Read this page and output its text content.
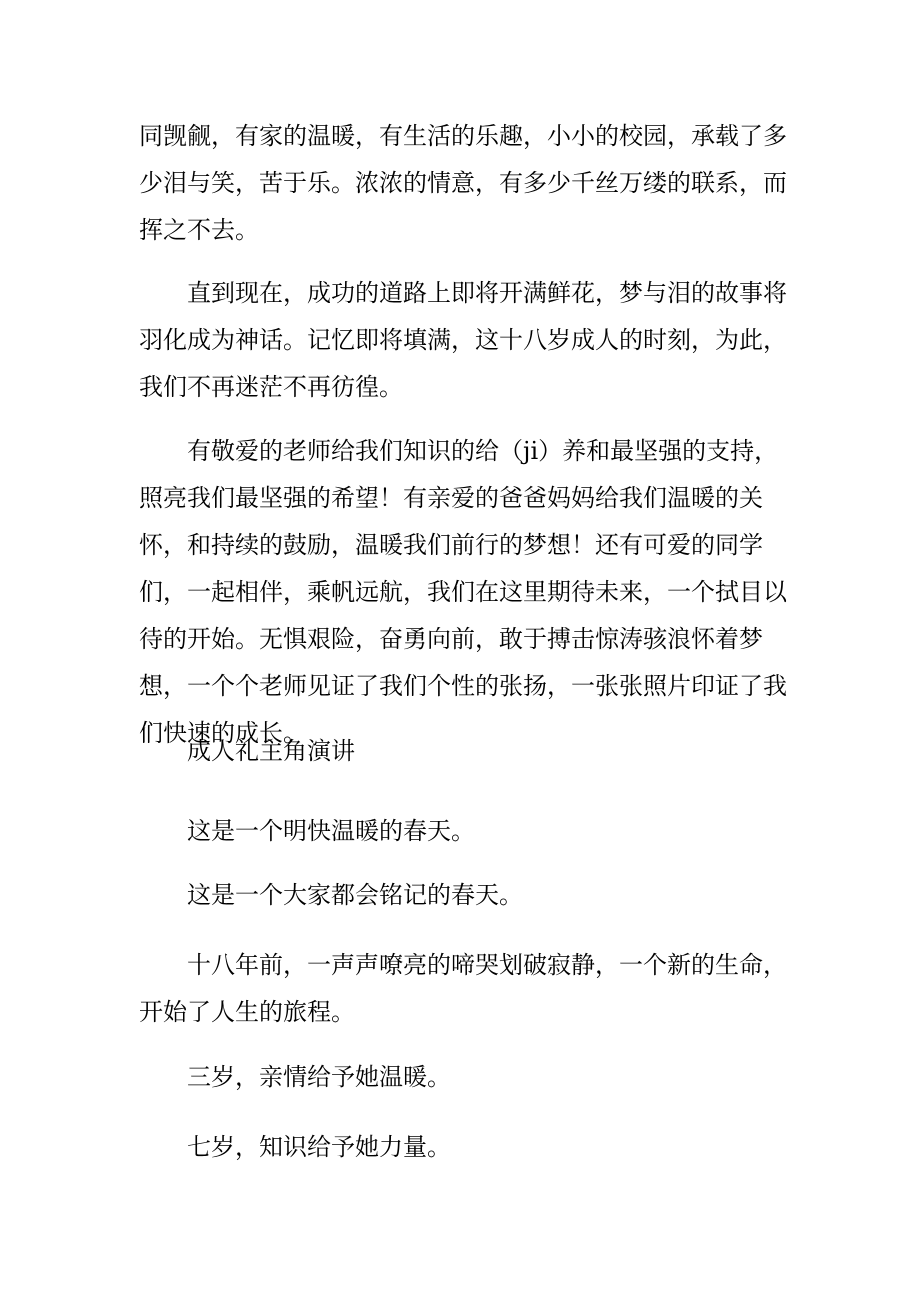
同觊觎，有家的温暖，有生活的乐趣，小小的校园，承载了多少泪与笑，苦于乐。浓浓的情意，有多少千丝万缕的联系，而挥之不去。

直到现在，成功的道路上即将开满鲜花，梦与泪的故事将羽化成为神话。记忆即将填满，这十八岁成人的时刻，为此，我们不再迷茫不再彷徨。

有敬爱的老师给我们知识的给（ji）养和最坚强的支持，照亮我们最坚强的希望！有亲爱的爸爸妈妈给我们温暖的关怀，和持续的鼓励，温暖我们前行的梦想！还有可爱的同学们，一起相伴，乘帆远航，我们在这里期待未来，一个拭目以待的开始。无惧艰险，奋勇向前，敢于搏击惊涛骇浪怀着梦想，一个个老师见证了我们个性的张扬，一张张照片印证了我们快速的成长。

成人礼主角演讲

这是一个明快温暖的春天。

这是一个大家都会铭记的春天。

十八年前，一声声嘹亮的啼哭划破寂静，一个新的生命，开始了人生的旅程。

三岁，亲情给予她温暖。

七岁，知识给予她力量。
